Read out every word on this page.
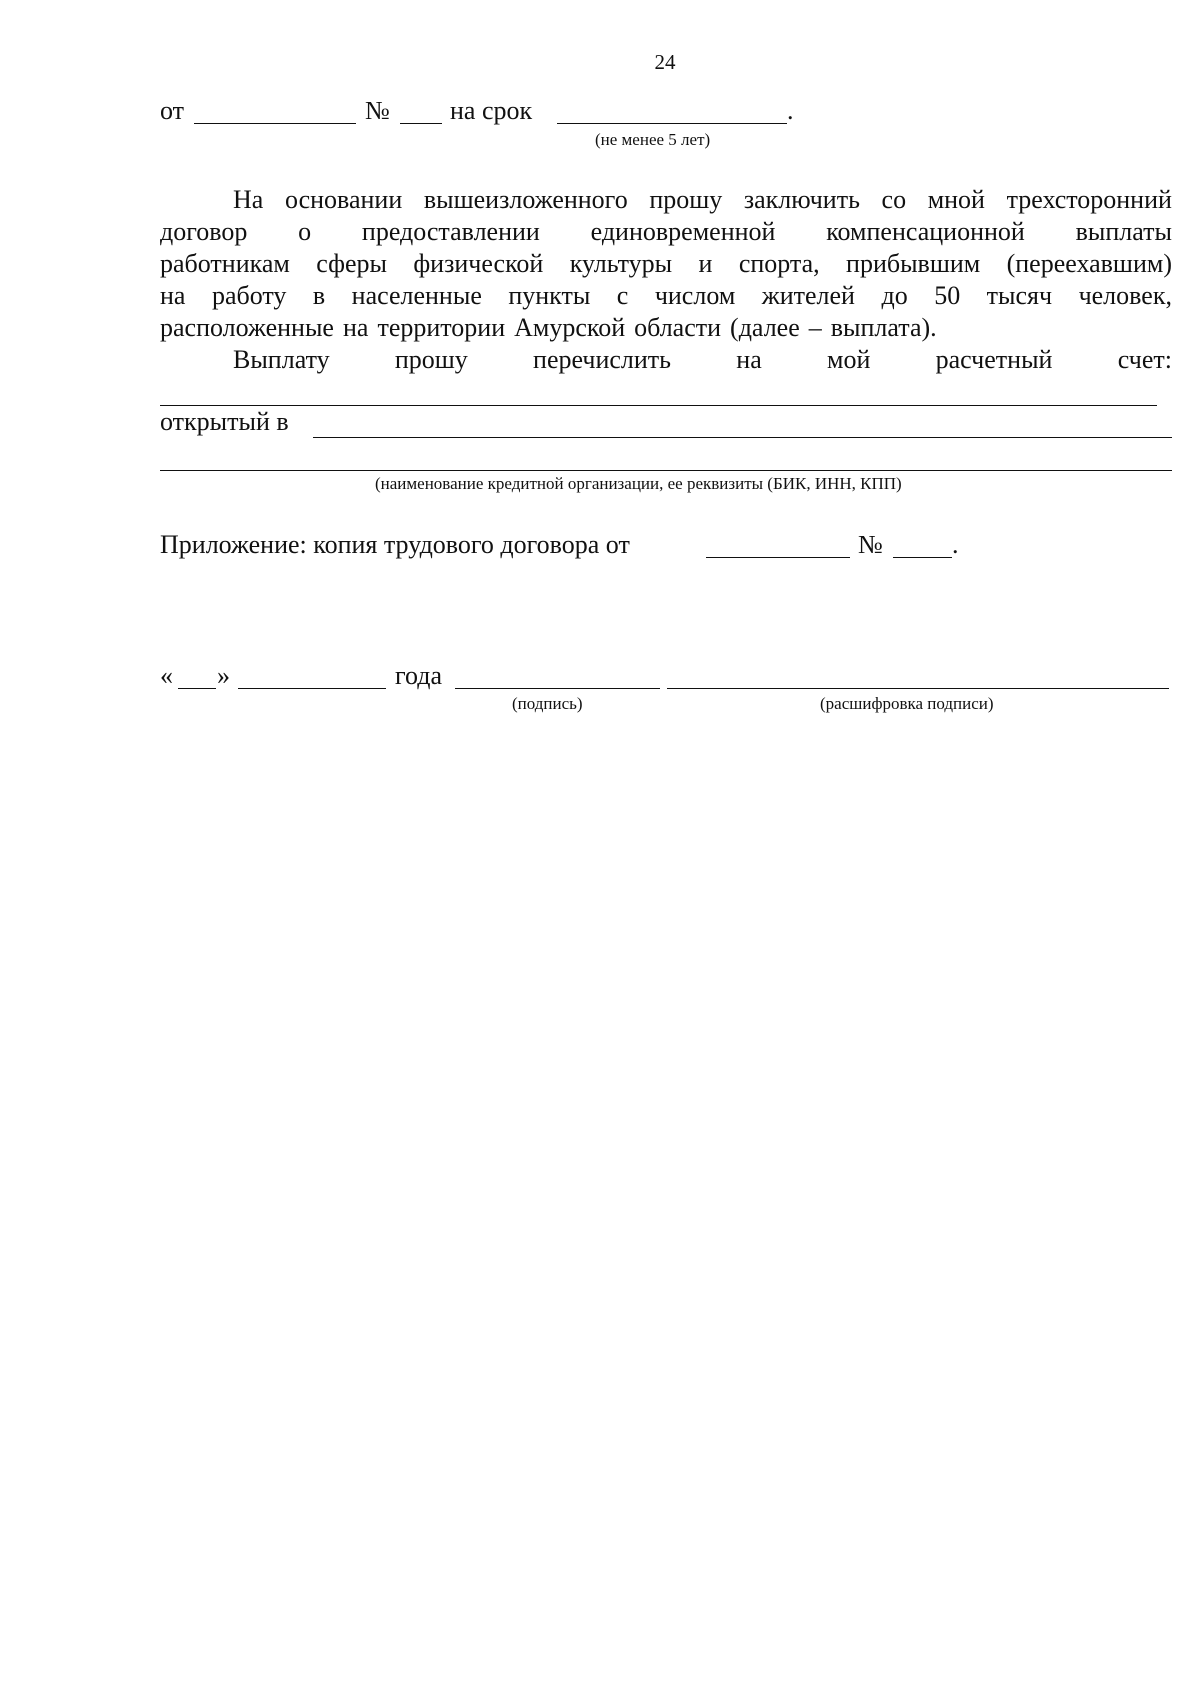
24
от	№ на срок	.
(не менее 5 лет)
На основании вышеизложенного прошу заключить со мной трехсторонний
договор о предоставлении единовременной компенсационной выплаты
работникам сферы физической культуры и спорта, прибывшим (переехавшим)
на работу в населенные пункты с числом жителей до 50 тысяч человек,
расположенные на территории Амурской области (далее – выплата).
Выплату	прошу	перечислить	на	мой	расчетный	счет:
открытый в
(наименование кредитной организации, ее реквизиты (БИК, ИНН, КПП)
Приложение: копия трудового договора от	№	.
« »	года
(подпись)	(расшифровка подписи)
